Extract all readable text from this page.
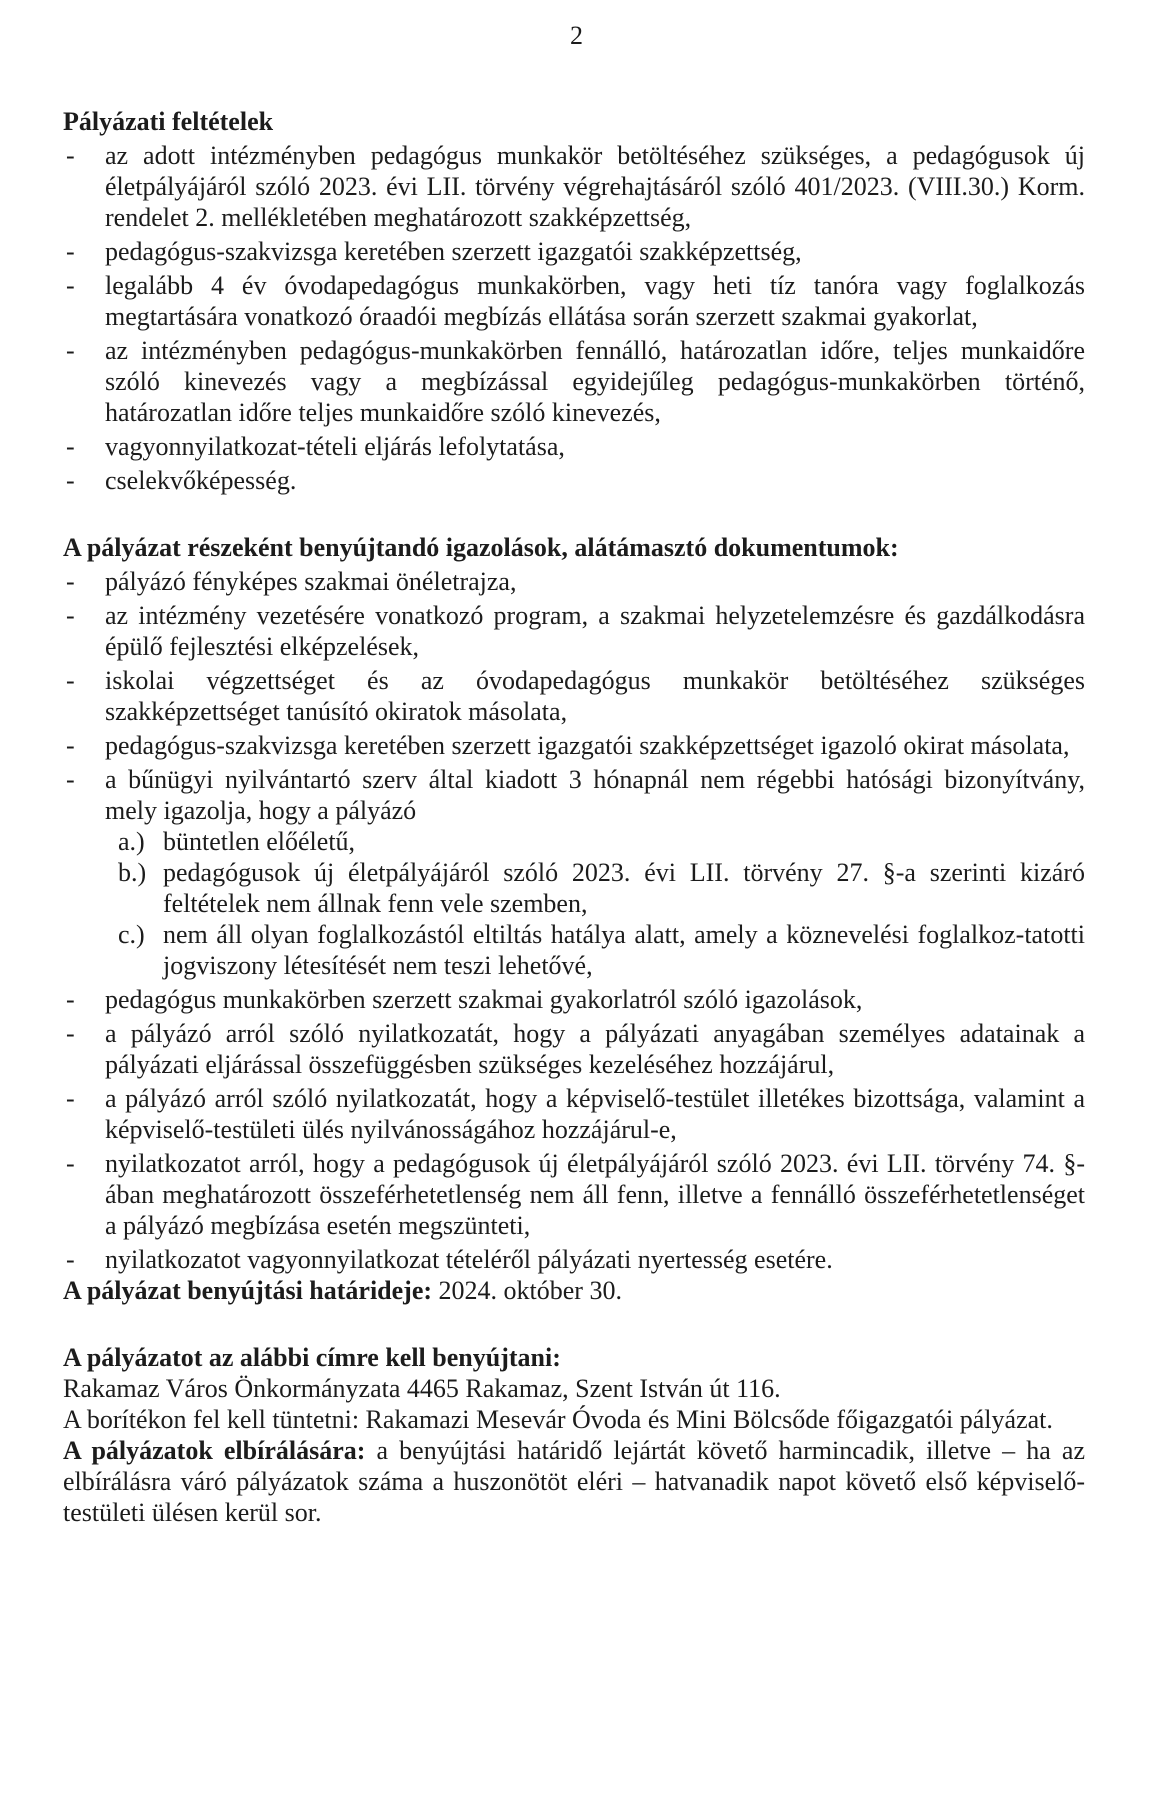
2
Pályázati feltételek
- az adott intézményben pedagógus munkakör betöltéséhez szükséges, a pedagógusok új életpályájáról szóló 2023. évi LII. törvény végrehajtásáról szóló 401/2023. (VIII.30.) Korm. rendelet 2. mellékletében meghatározott szakképzettség,
- pedagógus-szakvizsga keretében szerzett igazgatói szakképzettség,
- legalább 4 év óvodapedagógus munkakörben, vagy heti tíz tanóra vagy foglalkozás megtartására vonatkozó óraadói megbízás ellátása során szerzett szakmai gyakorlat,
- az intézményben pedagógus-munkakörben fennálló, határozatlan időre, teljes munkaidőre szóló kinevezés vagy a megbízással egyidejűleg pedagógus-munkakörben történő, határozatlan időre teljes munkaidőre szóló kinevezés,
- vagyonnyilatkozat-tételi eljárás lefolytatása,
- cselekvőképesség.
A pályázat részeként benyújtandó igazolások, alátámasztó dokumentumok:
- pályázó fényképes szakmai önéletrajza,
- az intézmény vezetésére vonatkozó program, a szakmai helyzetelemzésre és gazdálkodásra épülő fejlesztési elképzelések,
- iskolai végzettséget és az óvodapedagógus munkakör betöltéséhez szükséges szakképzettséget tanúsító okiratok másolata,
- pedagógus-szakvizsga keretében szerzett igazgatói szakképzettséget igazoló okirat másolata,
- a bűnügyi nyilvántartó szerv által kiadott 3 hónapnál nem régebbi hatósági bizonyítvány, mely igazolja, hogy a pályázó
a.) büntetlen előéletű,
b.) pedagógusok új életpályájáról szóló 2023. évi LII. törvény 27. §-a szerinti kizáró feltételek nem állnak fenn vele szemben,
c.) nem áll olyan foglalkozástól eltiltás hatálya alatt, amely a köznevelési foglalkoz-tatotti jogviszony létesítését nem teszi lehetővé,
- pedagógus munkakörben szerzett szakmai gyakorlatról szóló igazolások,
- a pályázó arról szóló nyilatkozatát, hogy a pályázati anyagában személyes adatainak a pályázati eljárással összefüggésben szükséges kezeléséhez hozzájárul,
- a pályázó arról szóló nyilatkozatát, hogy a képviselő-testület illetékes bizottsága, valamint a képviselő-testületi ülés nyilvánosságához hozzájárul-e,
- nyilatkozatot arról, hogy a pedagógusok új életpályájáról szóló 2023. évi LII. törvény 74. §-ában meghatározott összeférhetetlenség nem áll fenn, illetve a fennálló összeférhetetlenséget a pályázó megbízása esetén megszünteti,
- nyilatkozatot vagyonnyilatkozat tételéről pályázati nyertesség esetére.

A pályázat benyújtási határideje: 2024. október 30.

A pályázatot az alábbi címre kell benyújtani:

Rakamaz Város Önkormányzata 4465 Rakamaz, Szent István út 116.

A borítékon fel kell tüntetni: Rakamazi Mesevár Óvoda és Mini Bölcsőde főigazgatói pályázat.

A pályázatok elbírálására: a benyújtási határidő lejártát követő harmincadik, illetve – ha az elbírálásra váró pályázatok száma a huszonötöt eléri – hatvanadik napot követő első képviselő-testületi ülésen kerül sor.
